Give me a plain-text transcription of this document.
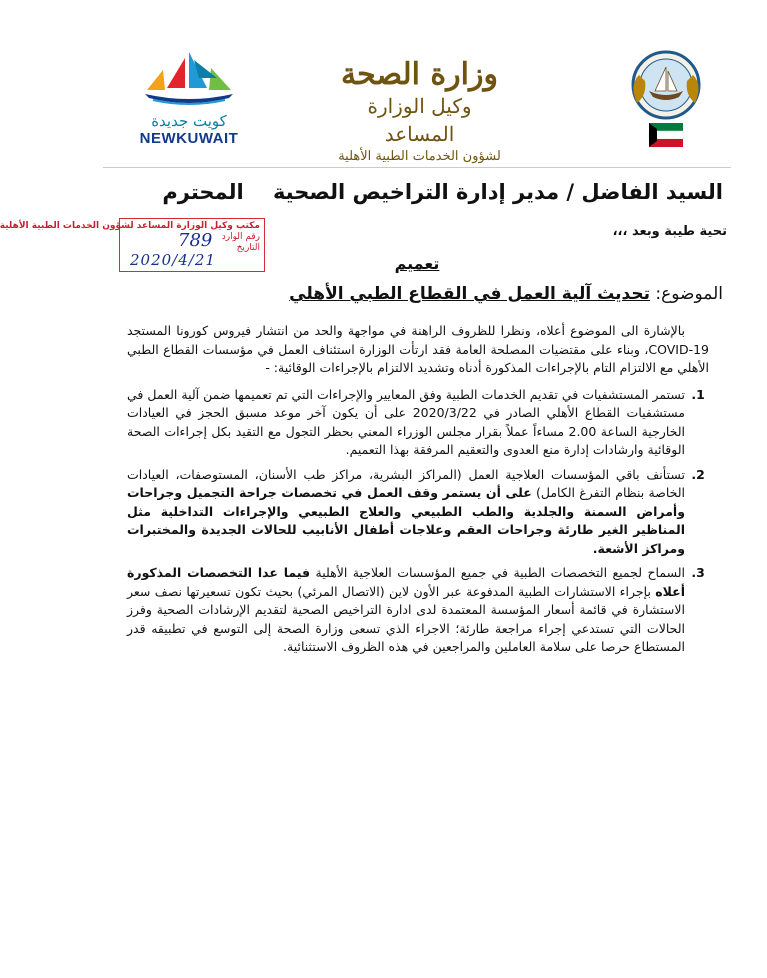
كويت جديدة
NEWKUWAIT
وزارة الصحة
وكيل الوزارة المساعد
لشؤون الخدمات الطبية الأهلية
السيد الفاضل / مدير إدارة التراخيص الصحية    المحترم
تحية طيبة وبعد ،،،
مكتب وكيل الوزارة المساعد لشؤون الخدمات الطبية الأهلية
رقم الوارد
التاريخ
789
2020/4/21	تعميم
الموضوع: تحديث آلية العمل في القطاع الطبي الأهلي

بالإشارة الى الموضوع أعلاه، ونظرا للظروف الراهنة في مواجهة والحد من انتشار فيروس كورونا المستجد COVID-19، وبناء على مقتضيات المصلحة العامة فقد ارتأت الوزارة استئناف العمل في مؤسسات القطاع الطبي الأهلي مع الالتزام التام بالإجراءات المذكورة أدناه وتشديد الالتزام بالإجراءات الوقائية: -

1. تستمر المستشفيات في تقديم الخدمات الطبية وفق المعايير والإجراءات التي تم تعميمها ضمن آلية العمل في مستشفيات القطاع الأهلي الصادر في 2020/3/22 على أن يكون آخر موعد مسبق الحجز في العيادات الخارجية الساعة 2.00 مساءاً عملاً بقرار مجلس الوزراء المعني بحظر التجول مع التقيد بكل إجراءات الصحة الوقائية وارشادات إدارة منع العدوى والتعقيم المرفقة بهذا التعميم.
2. تستأنف باقي المؤسسات العلاجية العمل (المراكز البشرية، مراكز طب الأسنان، المستوصفات، العيادات الخاصة بنظام التفرغ الكامل) على أن يستمر وقف العمل في تخصصات جراحة التجميل وجراحات وأمراض السمنة والجلدية والطب الطبيعي والعلاج الطبيعي والإجراءات التداخلية مثل المناظير الغير طارئة وجراحات العقم وعلاجات أطفال الأنابيب للحالات الجديدة والمختبرات ومراكز الأشعة.
3. السماح لجميع التخصصات الطبية في جميع المؤسسات العلاجية الأهلية فيما عدا التخصصات المذكورة أعلاه بإجراء الاستشارات الطبية المدفوعة عبر الأون لاين (الاتصال المرئي) بحيث تكون تسعيرتها نصف سعر الاستشارة في قائمة أسعار المؤسسة المعتمدة لدى ادارة التراخيص الصحية لتقديم الإرشادات الصحية وفرز الحالات التي تستدعي إجراء مراجعة طارئة؛ الاجراء الذي تسعى وزارة الصحة إلى التوسع في تطبيقه قدر المستطاع حرصا على سلامة العاملين والمراجعين في هذه الظروف الاستثنائية.
